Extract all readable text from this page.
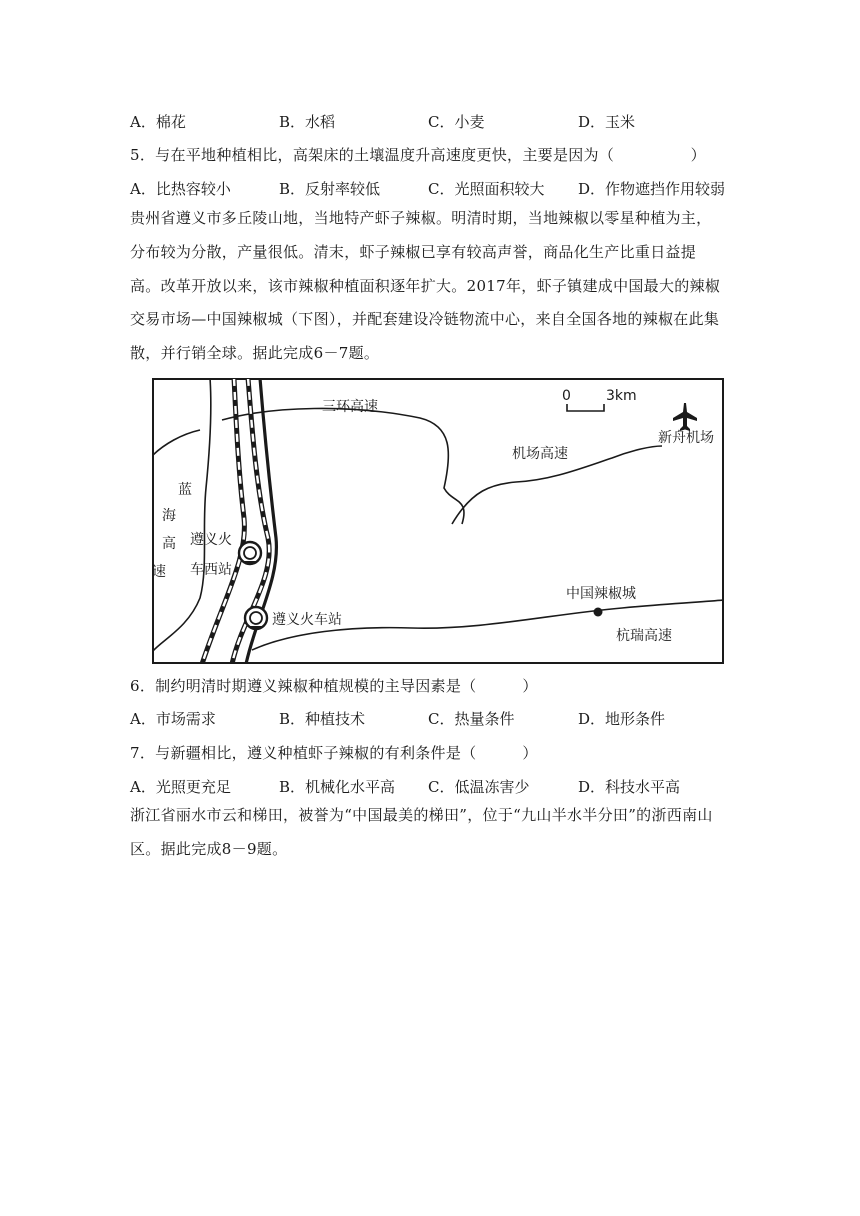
A．棉花	B．水稻	C．小麦	D．玉米
5．与在平地种植相比，高架床的土壤温度升高速度更快，主要是因为（　　　　　）
A．比热容较小	B．反射率较低	C．光照面积较大 D．作物遮挡作用较弱
贵州省遵义市多丘陵山地，当地特产虾子辣椒。明清时期，当地辣椒以零星种植为主，分布较为分散，产量很低。清末，虾子辣椒已享有较高声誉，商品化生产比重日益提高。改革开放以来，该市辣椒种植面积逐年扩大。2017年，虾子镇建成中国最大的辣椒交易市场—中国辣椒城（下图），并配套建设冷链物流中心，来自全国各地的辣椒在此集散，并行销全球。据此完成6－7题。
0	3km
三环高速
新舟机场
机场高速
蓝
海
高
速
遵义火
车西站
遵义火车站
中国辣椒城
杭瑞高速
6．制约明清时期遵义辣椒种植规模的主导因素是（　　　）
A．市场需求	B．种植技术	C．热量条件	D．地形条件
7．与新疆相比，遵义种植虾子辣椒的有利条件是（　　　）
A．光照更充足	B．机械化水平高 C．低温冻害少	D．科技水平高
浙江省丽水市云和梯田，被誉为“中国最美的梯田”，位于“九山半水半分田”的浙西南山区。据此完成8－9题。
